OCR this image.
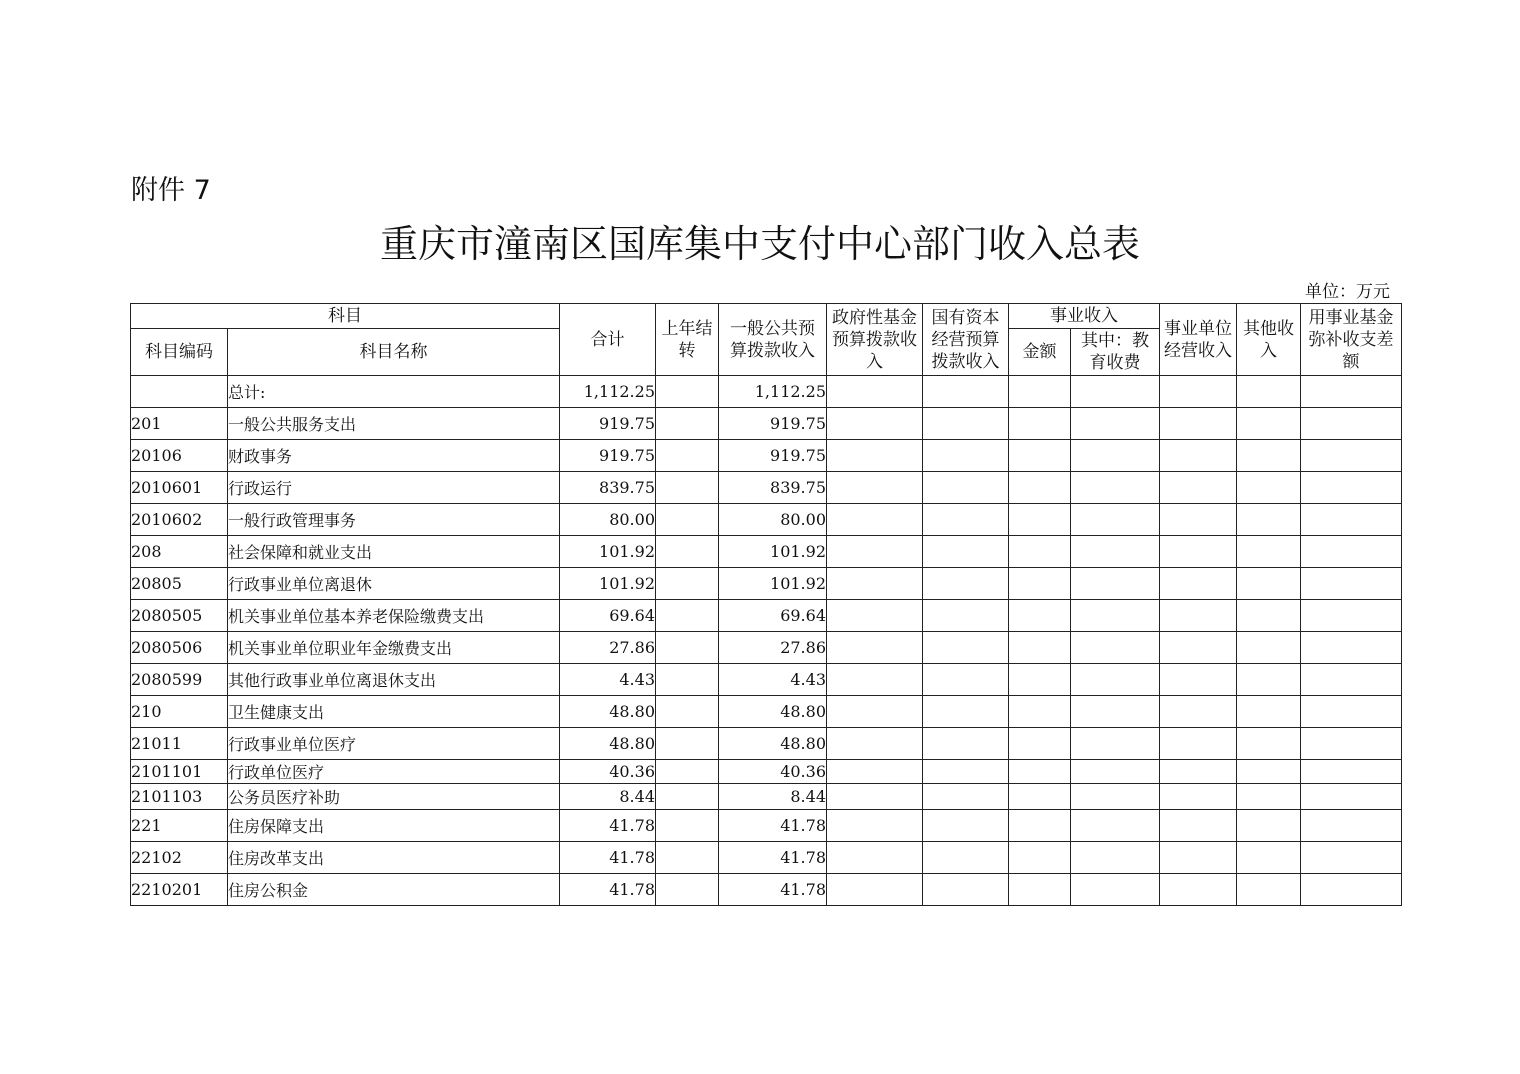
附件 7
重庆市潼南区国库集中支付中心部门收入总表
单位：万元
科目		合计	上年结转	一般公共预算拨款收入	政府性基金预算拨款收入	国有资本经营预算拨款收入	事业收入		事业单位经营收入	其他收入	用事业基金弥补收支差额
科目编码	科目名称						金额	其中：教育收费			
	总计:	1,112.25		1,112.25							
201	一般公共服务支出	919.75		919.75							
20106	财政事务	919.75		919.75							
2010601	行政运行	839.75		839.75							
2010602	一般行政管理事务	80.00		80.00							
208	社会保障和就业支出	101.92		101.92							
20805	行政事业单位离退休	101.92		101.92							
2080505	机关事业单位基本养老保险缴费支出	69.64		69.64							
2080506	机关事业单位职业年金缴费支出	27.86		27.86							
2080599	其他行政事业单位离退休支出	4.43		4.43							
210	卫生健康支出	48.80		48.80							
21011	行政事业单位医疗	48.80		48.80							
2101101	行政单位医疗	40.36		40.36							
2101103	公务员医疗补助	8.44		8.44							
221	住房保障支出	41.78		41.78							
22102	住房改革支出	41.78		41.78							
2210201	住房公积金	41.78		41.78							
